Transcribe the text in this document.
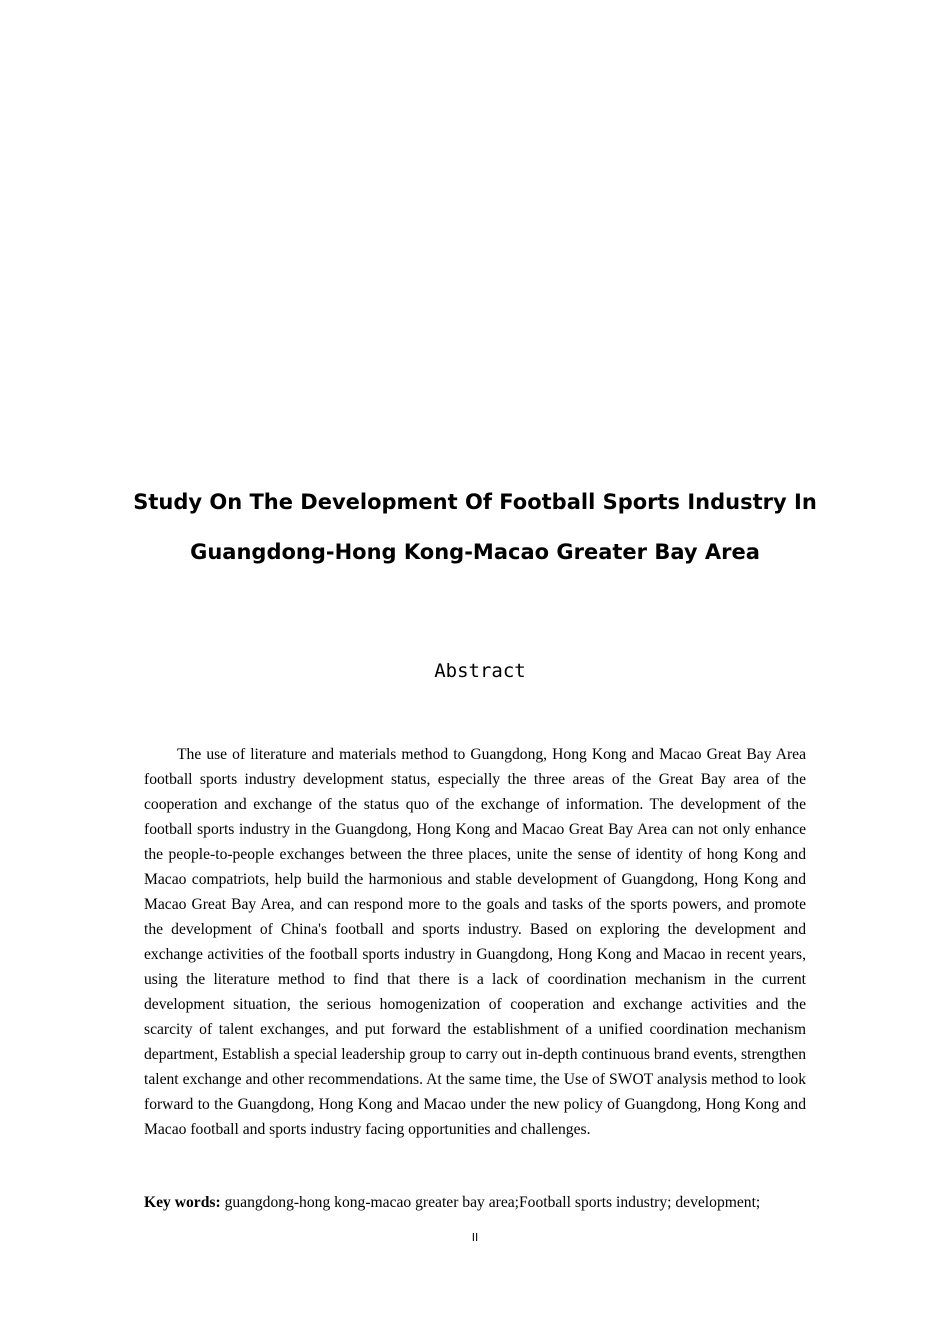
Study On The Development Of Football Sports Industry In
Guangdong-Hong Kong-Macao Greater Bay Area
Abstract

The use of literature and materials method to Guangdong, Hong Kong and Macao Great Bay Area football sports industry development status, especially the three areas of the Great Bay area of the cooperation and exchange of the status quo of the exchange of information. The development of the football sports industry in the Guangdong, Hong Kong and Macao Great Bay Area can not only enhance the people-to-people exchanges between the three places, unite the sense of identity of hong Kong and Macao compatriots, help build the harmonious and stable development of Guangdong, Hong Kong and Macao Great Bay Area, and can respond more to the goals and tasks of the sports powers, and promote the development of China's football and sports industry. Based on exploring the development and exchange activities of the football sports industry in Guangdong, Hong Kong and Macao in recent years, using the literature method to find that there is a lack of coordination mechanism in the current development situation, the serious homogenization of cooperation and exchange activities and the scarcity of talent exchanges, and put forward the establishment of a unified coordination mechanism department, Establish a special leadership group to carry out in-depth continuous brand events, strengthen talent exchange and other recommendations. At the same time, the Use of SWOT analysis method to look forward to the Guangdong, Hong Kong and Macao under the new policy of Guangdong, Hong Kong and Macao football and sports industry facing opportunities and challenges.

Key words: guangdong-hong kong-macao greater bay area;Football sports industry; development;

II
